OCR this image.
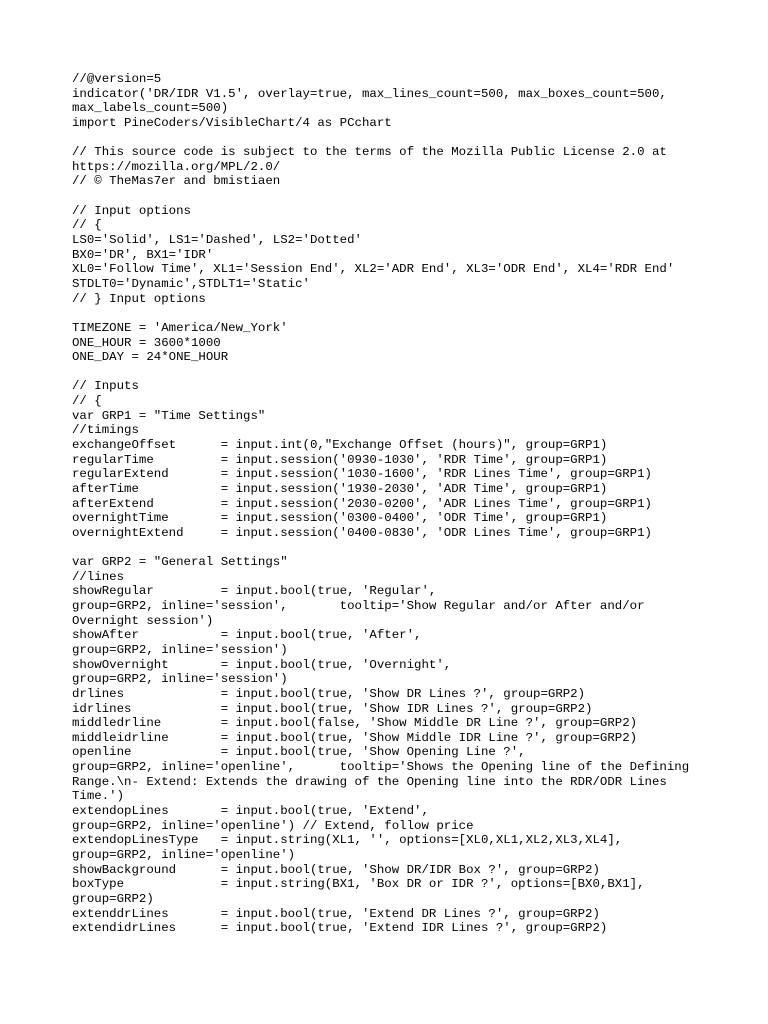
//@version=5
indicator('DR/IDR V1.5', overlay=true, max_lines_count=500, max_boxes_count=500,
max_labels_count=500)
import PineCoders/VisibleChart/4 as PCchart
// This source code is subject to the terms of the Mozilla Public License 2.0 at
https://mozilla.org/MPL/2.0/
// © TheMas7er and bmistiaen
// Input options
// {
LS0='Solid', LS1='Dashed', LS2='Dotted'
BX0='DR', BX1='IDR'
XL0='Follow Time', XL1='Session End', XL2='ADR End', XL3='ODR End', XL4='RDR End'
STDLT0='Dynamic',STDLT1='Static'
// } Input options
TIMEZONE = 'America/New_York'
ONE_HOUR = 3600*1000
ONE_DAY = 24*ONE_HOUR
// Inputs
// {
var GRP1 = "Time Settings"
//timings
exchangeOffset      = input.int(0,"Exchange Offset (hours)", group=GRP1)
regularTime         = input.session('0930-1030', 'RDR Time', group=GRP1)
regularExtend       = input.session('1030-1600', 'RDR Lines Time', group=GRP1)
afterTime           = input.session('1930-2030', 'ADR Time', group=GRP1)
afterExtend         = input.session('2030-0200', 'ADR Lines Time', group=GRP1)
overnightTime       = input.session('0300-0400', 'ODR Time', group=GRP1)
overnightExtend     = input.session('0400-0830', 'ODR Lines Time', group=GRP1)
var GRP2 = "General Settings"
//lines
showRegular         = input.bool(true, 'Regular',
group=GRP2, inline='session',       tooltip='Show Regular and/or After and/or
Overnight session')
showAfter           = input.bool(true, 'After',
group=GRP2, inline='session')
showOvernight       = input.bool(true, 'Overnight',
group=GRP2, inline='session')
drlines             = input.bool(true, 'Show DR Lines ?', group=GRP2)
idrlines            = input.bool(true, 'Show IDR Lines ?', group=GRP2)
middledrline        = input.bool(false, 'Show Middle DR Line ?', group=GRP2)
middleidrline       = input.bool(true, 'Show Middle IDR Line ?', group=GRP2)
openline            = input.bool(true, 'Show Opening Line ?',
group=GRP2, inline='openline',      tooltip='Shows the Opening line of the Defining
Range.\n- Extend: Extends the drawing of the Opening line into the RDR/ODR Lines
Time.')
extendopLines       = input.bool(true, 'Extend',
group=GRP2, inline='openline') // Extend, follow price
extendopLinesType   = input.string(XL1, '', options=[XL0,XL1,XL2,XL3,XL4],
group=GRP2, inline='openline')
showBackground      = input.bool(true, 'Show DR/IDR Box ?', group=GRP2)
boxType             = input.string(BX1, 'Box DR or IDR ?', options=[BX0,BX1],
group=GRP2)
extenddrLines       = input.bool(true, 'Extend DR Lines ?', group=GRP2)
extendidrLines      = input.bool(true, 'Extend IDR Lines ?', group=GRP2)
